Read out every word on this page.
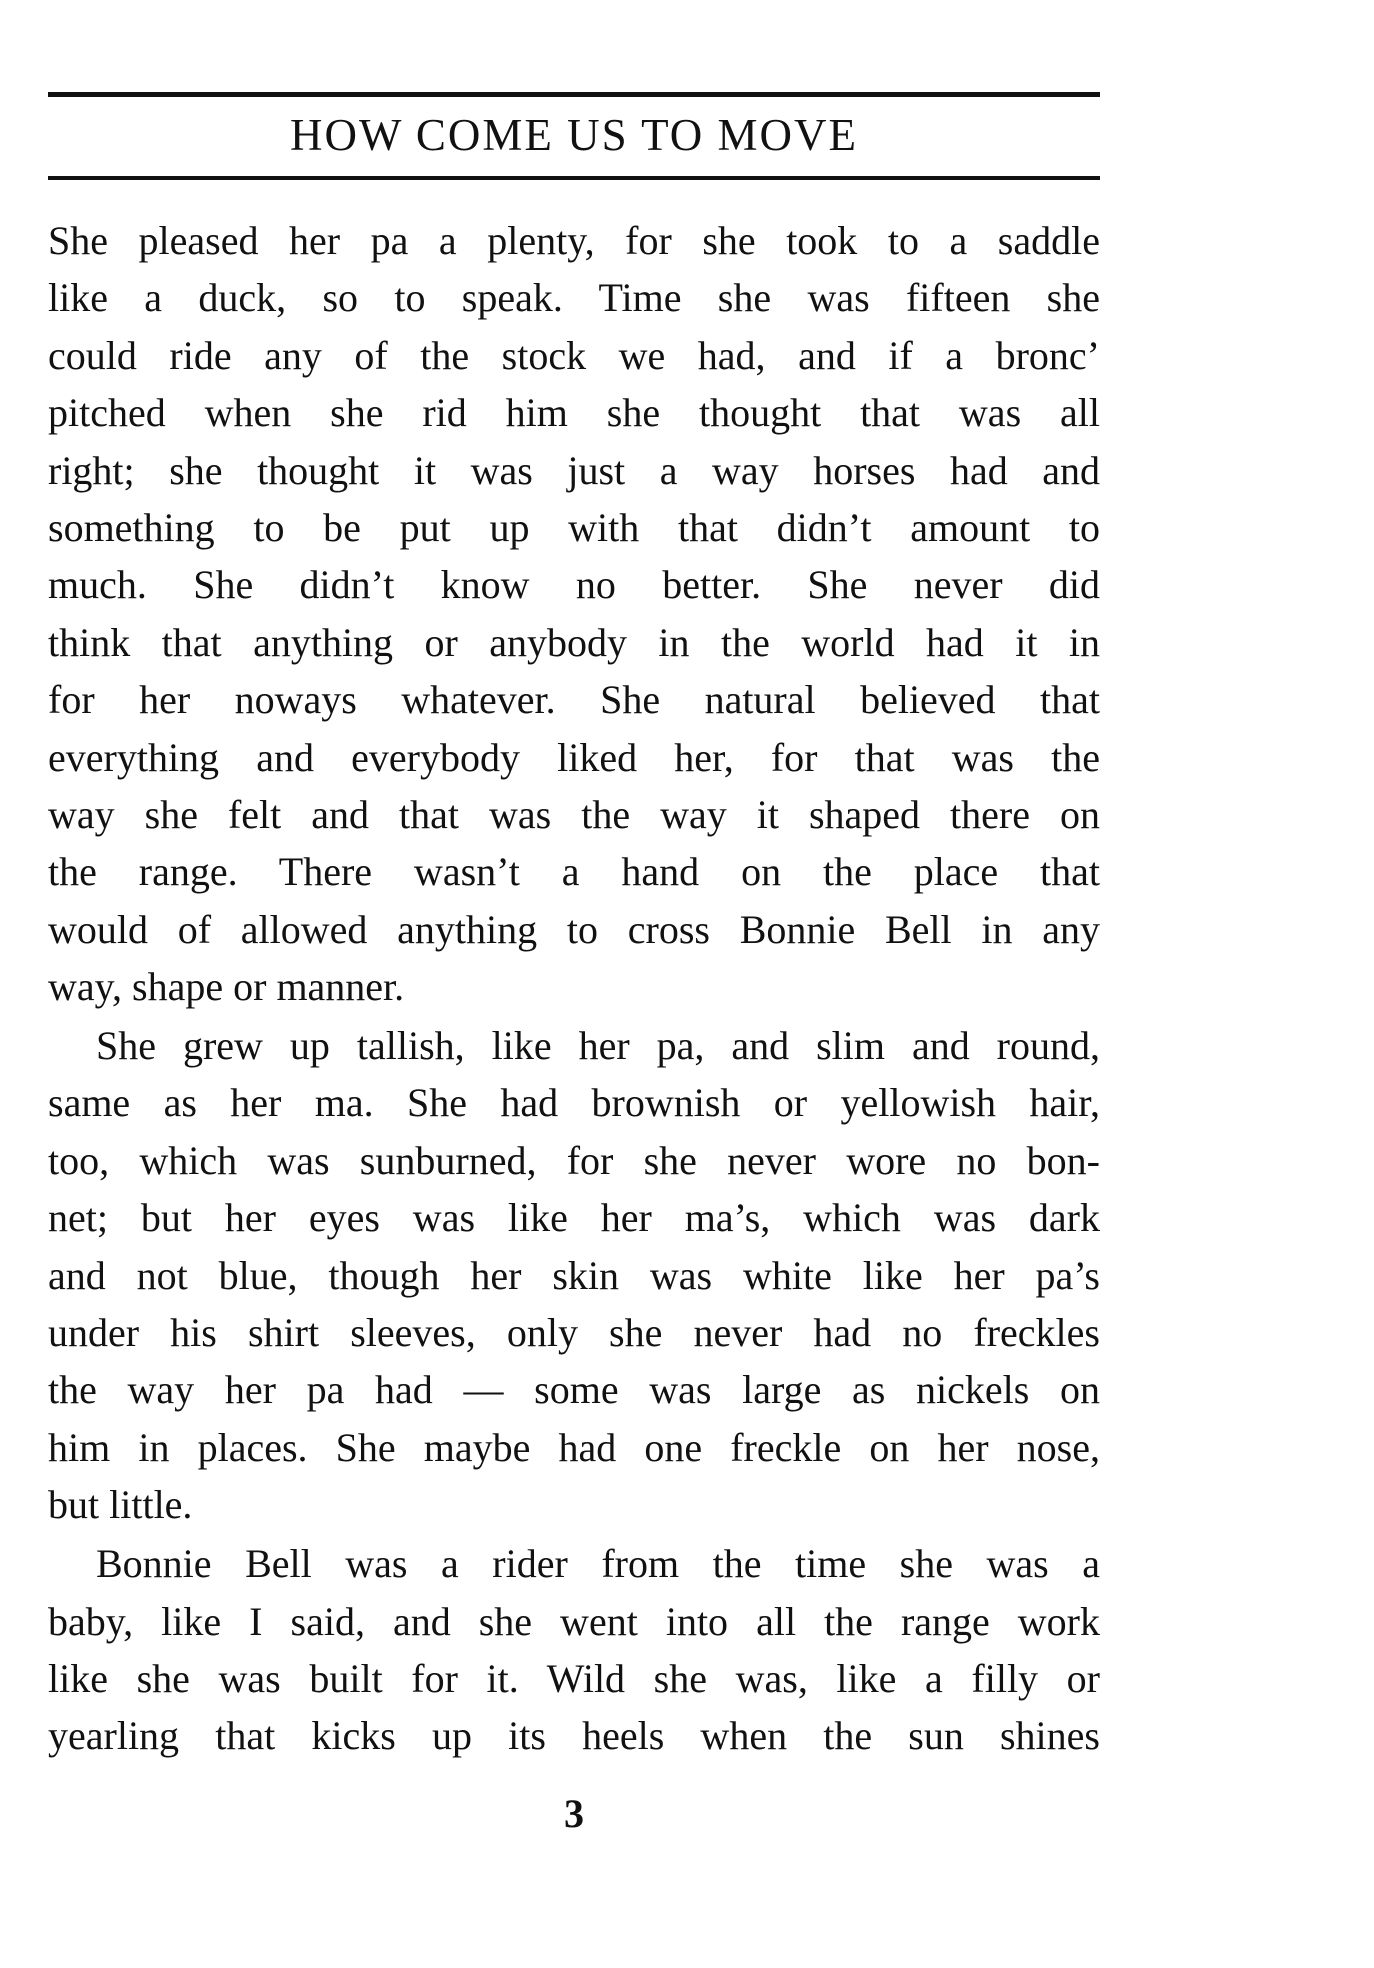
HOW COME US TO MOVE
She pleased her pa a plenty, for she took to a saddle
like a duck, so to speak. Time she was fifteen she
could ride any of the stock we had, and if a bronc’
pitched when she rid him she thought that was all
right; she thought it was just a way horses had and
something to be put up with that didn’t amount to
much. She didn’t know no better. She never did
think that anything or anybody in the world had it in
for her noways whatever. She natural believed that
everything and everybody liked her, for that was the
way she felt and that was the way it shaped there on
the range. There wasn’t a hand on the place that
would of allowed anything to cross Bonnie Bell in any
way, shape or manner.
She grew up tallish, like her pa, and slim and round,
same as her ma. She had brownish or yellowish hair,
too, which was sunburned, for she never wore no bon-
net; but her eyes was like her ma’s, which was dark
and not blue, though her skin was white like her pa’s
under his shirt sleeves, only she never had no freckles
the way her pa had — some was large as nickels on
him in places. She maybe had one freckle on her nose,
but little.
Bonnie Bell was a rider from the time she was a
baby, like I said, and she went into all the range work
like she was built for it. Wild she was, like a filly or
yearling that kicks up its heels when the sun shines
3
